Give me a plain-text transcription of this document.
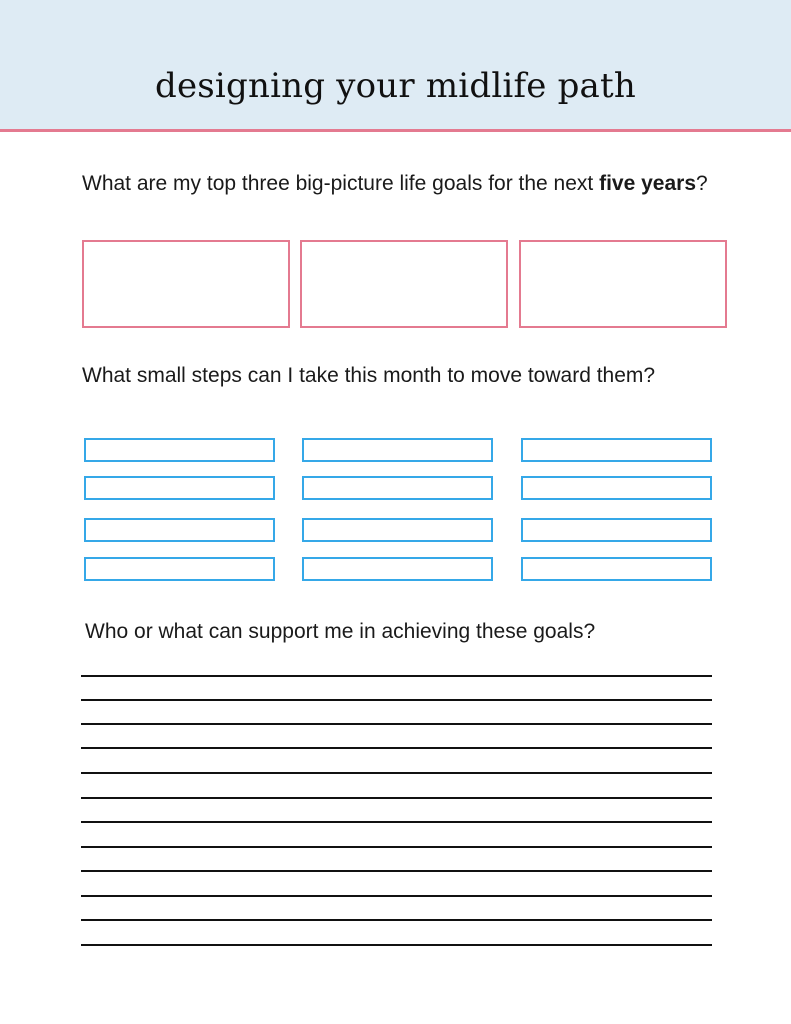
designing your midlife path
What are my top three big-picture life goals for the next five years?
What small steps can I take this month to move toward them?
Who or what can support me in achieving these goals?
